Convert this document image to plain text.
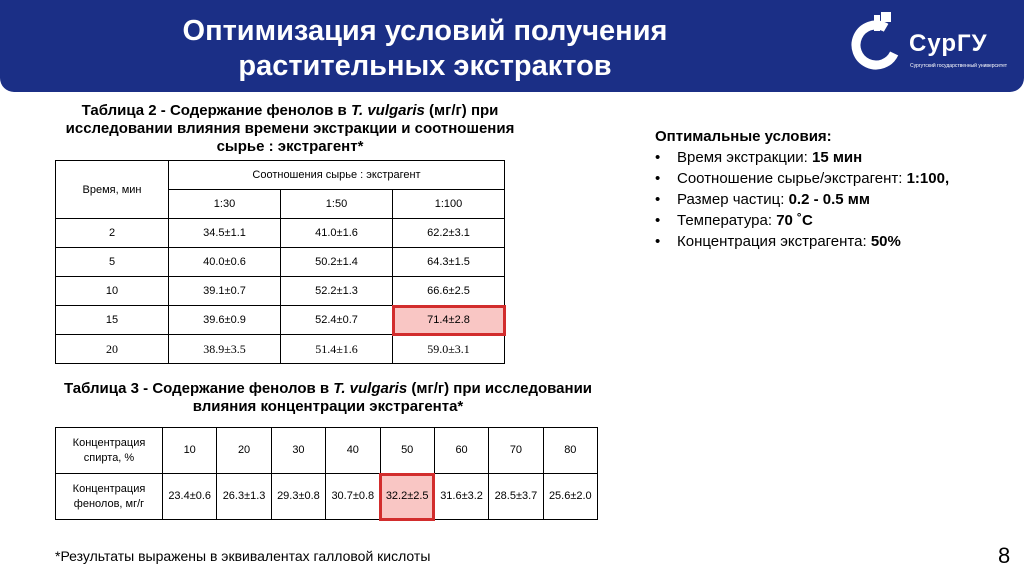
Оптимизация условий получения
растительных экстрактов
СурГУ
Сургутский государственный университет
Таблица 2 - Содержание фенолов в T. vulgaris (мг/г) при исследовании влияния времени экстракции и соотношения сырье : экстрагент*
Время, мин	Соотношения сырье : экстрагент		
	1:30	1:50	1:100
2	34.5±1.1	41.0±1.6	62.2±3.1
5	40.0±0.6	50.2±1.4	64.3±1.5
10	39.1±0.7	52.2±1.3	66.6±2.5
15	39.6±0.9	52.4±0.7	71.4±2.8
20	38.9±3.5	51.4±1.6	59.0±3.1
Таблица 3 - Содержание фенолов в T. vulgaris (мг/г) при исследовании влияния концентрации экстрагента*
Концентрация спирта, %	10	20	30	40	50	60	70	80
Концентрация фенолов, мг/г	23.4±0.6	26.3±1.3	29.3±0.8	30.7±0.8	32.2±2.5	31.6±3.2	28.5±3.7	25.6±2.0
Оптимальные условия:
• Время экстракции: 15 мин
• Соотношение сырье/экстрагент: 1:100,
• Размер частиц: 0.2 - 0.5 мм
• Температура: 70 ˚С
• Концентрация экстрагента: 50%
*Результаты выражены в эквивалентах галловой кислоты	8
